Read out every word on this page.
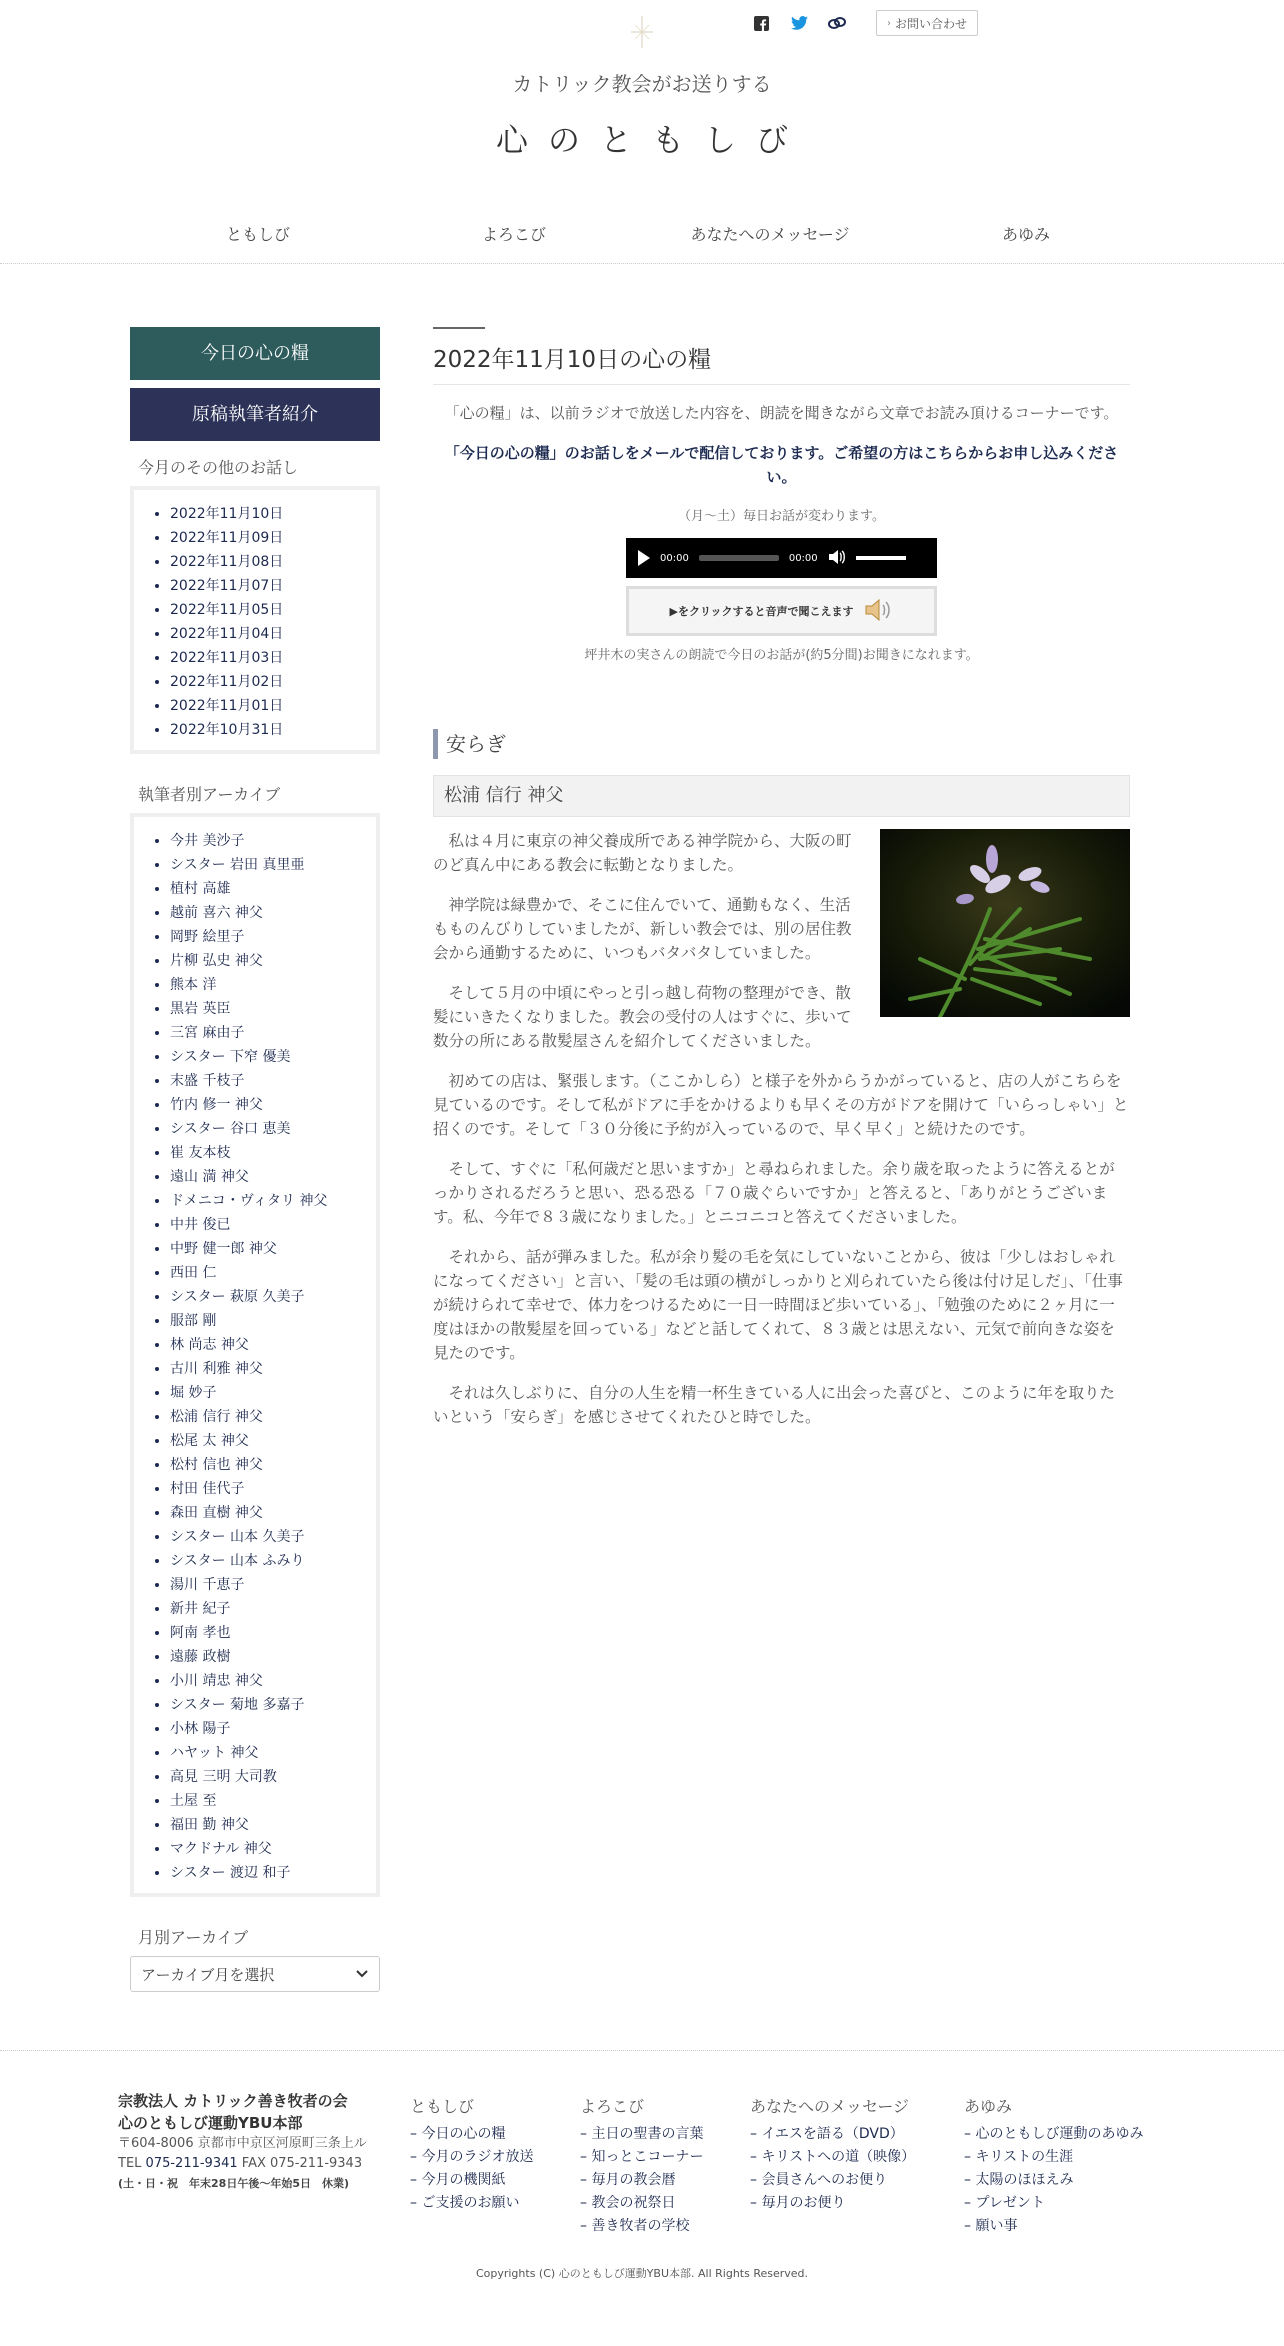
› お問い合わせ
カトリック教会がお送りする
心のともしび
ともしび	よろこび	あなたへのメッセージ	あゆみ
今日の心の糧
原稿執筆者紹介
今月のその他のお話し
• 2022年11月10日
• 2022年11月09日
• 2022年11月08日
• 2022年11月07日
• 2022年11月05日
• 2022年11月04日
• 2022年11月03日
• 2022年11月02日
• 2022年11月01日
• 2022年10月31日
執筆者別アーカイブ
• 今井 美沙子
• シスター 岩田 真里亜
• 植村 高雄
• 越前 喜六 神父
• 岡野 絵里子
• 片柳 弘史 神父
• 熊本 洋
• 黒岩 英臣
• 三宮 麻由子
• シスター 下窄 優美
• 末盛 千枝子
• 竹内 修一 神父
• シスター 谷口 恵美
• 崔 友本枝
• 遠山 満 神父
• ドメニコ・ヴィタリ 神父
• 中井 俊已
• 中野 健一郎 神父
• 西田 仁
• シスター 萩原 久美子
• 服部 剛
• 林 尚志 神父
• 古川 利雅 神父
• 堀 妙子
• 松浦 信行 神父
• 松尾 太 神父
• 松村 信也 神父
• 村田 佳代子
• 森田 直樹 神父
• シスター 山本 久美子
• シスター 山本 ふみり
• 湯川 千恵子
• 新井 紀子
• 阿南 孝也
• 遠藤 政樹
• 小川 靖忠 神父
• シスター 菊地 多嘉子
• 小林 陽子
• ハヤット 神父
• 高見 三明 大司教
• 土屋 至
• 福田 勤 神父
• マクドナル 神父
• シスター 渡辺 和子
月別アーカイブ
アーカイブ月を選択
2022年11月10日の心の糧

「心の糧」は、以前ラジオで放送した内容を、朗読を聞きながら文章でお読み頂けるコーナーです。

「今日の心の糧」のお話しをメールで配信しております。ご希望の方はこちらからお申し込みください。

（月～土）毎日お話が変わります。

00:00	00:00
▶をクリックすると音声で聞こえます

坪井木の実さんの朗読で今日のお話が(約5分間)お聞きになれます。

安らぎ
松浦 信行 神父

私は４月に東京の神父養成所である神学院から、大阪の町のど真ん中にある教会に転勤となりました。

神学院は緑豊かで、そこに住んでいて、通勤もなく、生活もものんびりしていましたが、新しい教会では、別の居住教会から通勤するために、いつもバタバタしていました。

そして５月の中頃にやっと引っ越し荷物の整理ができ、散髪にいきたくなりました。教会の受付の人はすぐに、歩いて数分の所にある散髪屋さんを紹介してくださいました。

初めての店は、緊張します。（ここかしら）と様子を外からうかがっていると、店の人がこちらを見ているのです。そして私がドアに手をかけるよりも早くその方がドアを開けて「いらっしゃい」と招くのです。そして「３０分後に予約が入っているので、早く早く」と続けたのです。

そして、すぐに「私何歳だと思いますか」と尋ねられました。余り歳を取ったように答えるとがっかりされるだろうと思い、恐る恐る「７０歳ぐらいですか」と答えると、「ありがとうございます。私、今年で８３歳になりました。」とニコニコと答えてくださいました。

それから、話が弾みました。私が余り髪の毛を気にしていないことから、彼は「少しはおしゃれになってください」と言い、「髪の毛は頭の横がしっかりと刈られていたら後は付け足しだ」、「仕事が続けられて幸せで、体力をつけるために一日一時間ほど歩いている」、「勉強のために２ヶ月に一度はほかの散髪屋を回っている」などと話してくれて、８３歳とは思えない、元気で前向きな姿を見たのです。

それは久しぶりに、自分の人生を精一杯生きている人に出会った喜びと、このように年を取りたいという「安らぎ」を感じさせてくれたひと時でした。

宗教法人 カトリック善き牧者の会
心のともしび運動YBU本部
〒604-8006 京都市中京区河原町三条上ル
TEL 075-211-9341 FAX 075-211-9343
(土・日・祝　年末28日午後〜年始5日　休業)
ともしび
– 今日の心の糧
– 今月のラジオ放送
– 今月の機関紙
– ご支援のお願い
よろこび
– 主日の聖書の言葉
– 知っとこコーナー
– 毎月の教会暦
– 教会の祝祭日
– 善き牧者の学校
あなたへのメッセージ
– イエスを語る（DVD）
– キリストへの道（映像）
– 会員さんへのお便り
– 毎月のお便り
あゆみ
– 心のともしび運動のあゆみ
– キリストの生涯
– 太陽のほほえみ
– プレゼント
– 願い事
Copyrights (C) 心のともしび運動YBU本部. All Rights Reserved.
